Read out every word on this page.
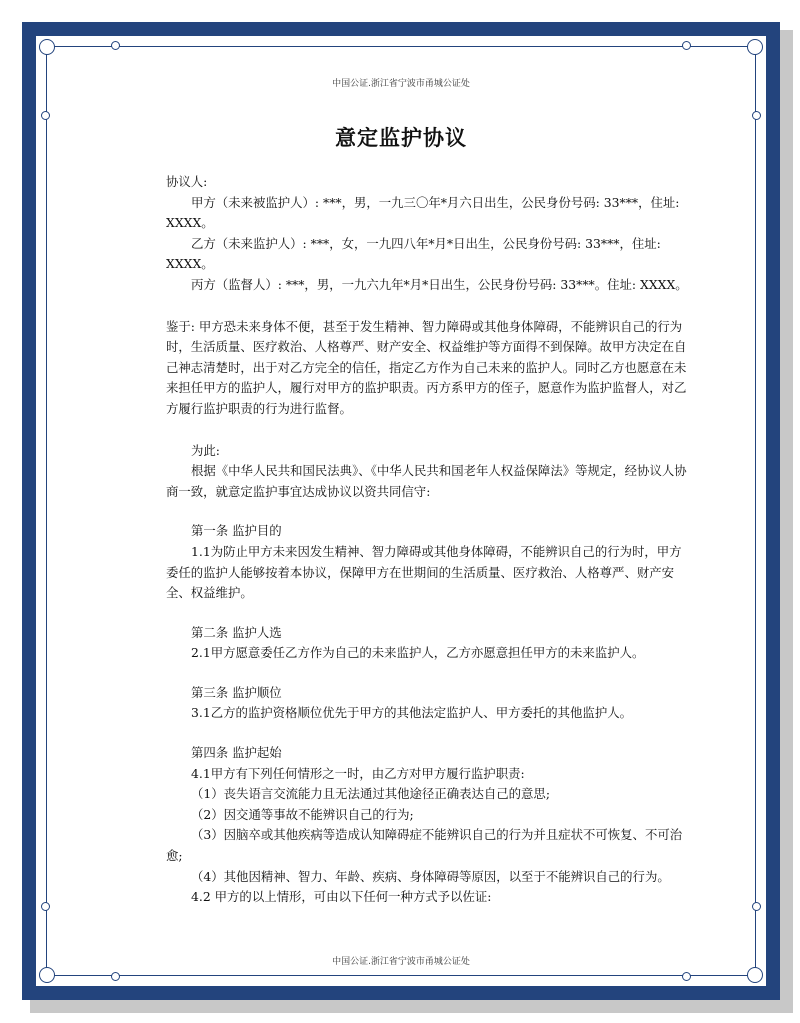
中国公证.浙江省宁波市甬城公证处
意定监护协议

协议人:

甲方（未来被监护人）: ***，男，一九三〇年*月六日出生，公民身份号码: 33***，住址: XXXX。

乙方（未来监护人）: ***，女，一九四八年*月*日出生，公民身份号码: 33***，住址: XXXX。

丙方（监督人）: ***，男，一九六九年*月*日出生，公民身份号码: 33***。住址: XXXX。

鉴于: 甲方恐未来身体不便，甚至于发生精神、智力障碍或其他身体障碍，不能辨识自己的行为时，生活质量、医疗救治、人格尊严、财产安全、权益维护等方面得不到保障。故甲方决定在自己神志清楚时，出于对乙方完全的信任，指定乙方作为自己未来的监护人。同时乙方也愿意在未来担任甲方的监护人，履行对甲方的监护职责。丙方系甲方的侄子，愿意作为监护监督人，对乙方履行监护职责的行为进行监督。

为此:

根据《中华人民共和国民法典》、《中华人民共和国老年人权益保障法》等规定，经协议人协商一致，就意定监护事宜达成协议以资共同信守:

第一条 监护目的

1.1为防止甲方未来因发生精神、智力障碍或其他身体障碍，不能辨识自己的行为时，甲方委任的监护人能够按着本协议，保障甲方在世期间的生活质量、医疗救治、人格尊严、财产安全、权益维护。

第二条 监护人选

2.1甲方愿意委任乙方作为自己的未来监护人，乙方亦愿意担任甲方的未来监护人。

第三条 监护顺位

3.1乙方的监护资格顺位优先于甲方的其他法定监护人、甲方委托的其他监护人。

第四条 监护起始

4.1甲方有下列任何情形之一时，由乙方对甲方履行监护职责:

（1）丧失语言交流能力且无法通过其他途径正确表达自己的意思;

（2）因交通等事故不能辨识自己的行为;

（3）因脑卒或其他疾病等造成认知障碍症不能辨识自己的行为并且症状不可恢复、不可治愈;

（4）其他因精神、智力、年龄、疾病、身体障碍等原因，以至于不能辨识自己的行为。

4.2 甲方的以上情形，可由以下任何一种方式予以佐证:

中国公证.浙江省宁波市甬城公证处
